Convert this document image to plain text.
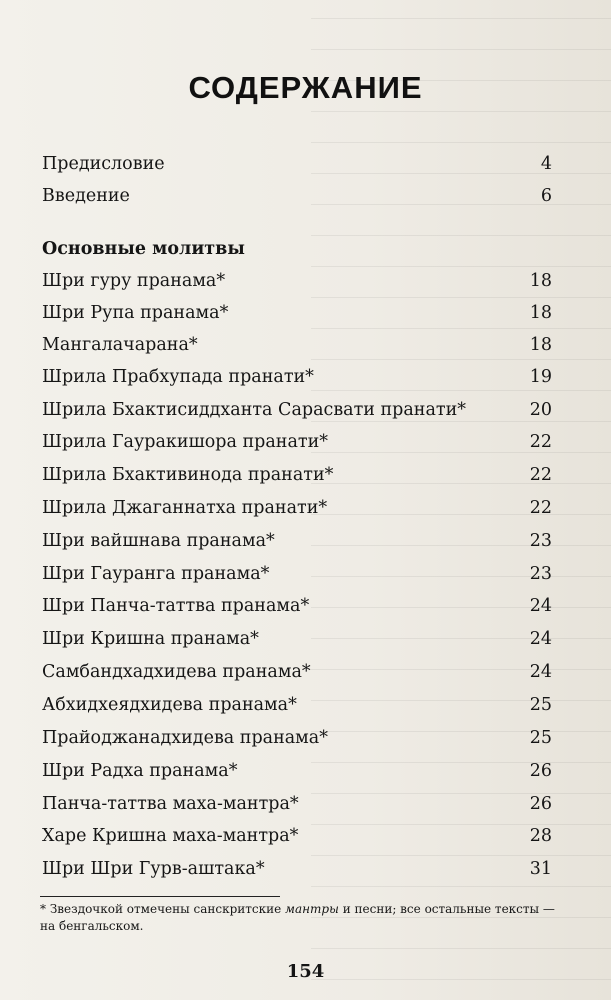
СОДЕРЖАНИЕ
Предисловие	4
Введение	6
Основные молитвы
Шри гуру пранама*	18
Шри Рупа пранама*	18
Мангалачарана*	18
Шрила Прабхупада пранати*	19
Шрила Бхактисиддханта Сарасвати пранати*	20
Шрила Гауракишора пранати*	22
Шрила Бхактивинода пранати*	22
Шрила Джаганнатха пранати*	22
Шри вайшнава пранама*	23
Шри Гауранга пранама*	23
Шри Панча-таттва пранама*	24
Шри Кришна пранама*	24
Самбандхадхидева пранама*	24
Абхидхеядхидева пранама*	25
Прайоджанадхидева пранама*	25
Шри Радха пранама*	26
Панча-таттва маха-мантра*	26
Харе Кришна маха-мантра*	28
Шри Шри Гурв-аштака*	31
* Звездочкой отмечены санскритские мантры и песни; все остальные тексты — на бенгальском.
154
